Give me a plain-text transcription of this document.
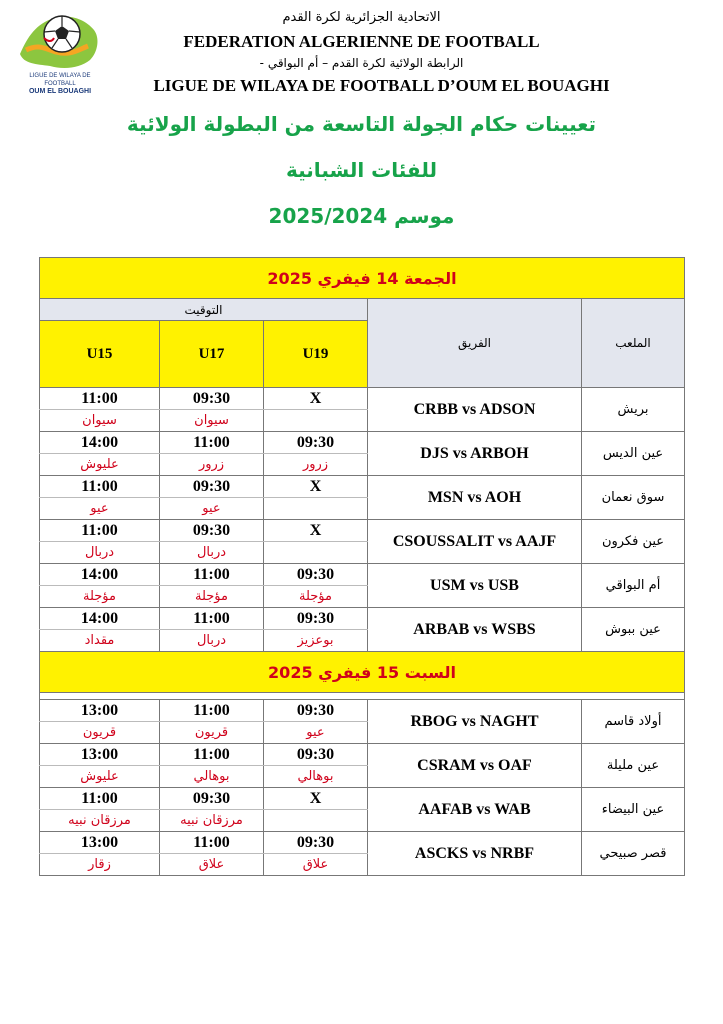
LIGUE DE WILAYA DE FOOTBALL
OUM EL BOUAGHI
الاتحادية الجزائرية لكرة القدم
FEDERATION ALGERIENNE DE FOOTBALL
الرابطة الولائية لكرة القدم – أم البواقي -
LIGUE DE WILAYA DE FOOTBALL D’OUM EL BOUAGHI
تعيينات حكام الجولة التاسعة من البطولة الولائية
للفئات الشبانية
موسم 2025/2024
الجمعة 14 فيفري 2025				
التوقيت			الفريق	الملعب
U15	U17	U19		
11:00	09:30	X	CRBB vs ADSON	بريش
سيوان	سيوان			
14:00	11:00	09:30	DJS vs ARBOH	عين الديس
عليوش	زرور	زرور		
11:00	09:30	X	MSN vs AOH	سوق نعمان
عيو	عيو			
11:00	09:30	X	CSOUSSALIT vs AAJF	عين فكرون
دربال	دربال			
14:00	11:00	09:30	USM vs USB	أم البواقي
مؤجلة	مؤجلة	مؤجلة		
14:00	11:00	09:30	ARBAB vs WSBS	عين ببوش
مقداد	دربال	بوعزيز		
السبت 15 فيفري 2025				

13:00	11:00	09:30	RBOG vs NAGHT	أولاد قاسم
قريون	قريون	عيو		
13:00	11:00	09:30	CSRAM vs OAF	عين مليلة
عليوش	بوهالي	بوهالي		
11:00	09:30	X	AAFAB vs WAB	عين البيضاء
مرزقان نبيه	مرزقان نبيه			
13:00	11:00	09:30	ASCKS vs NRBF	قصر صبيحي
زقار	علاق	علاق		
